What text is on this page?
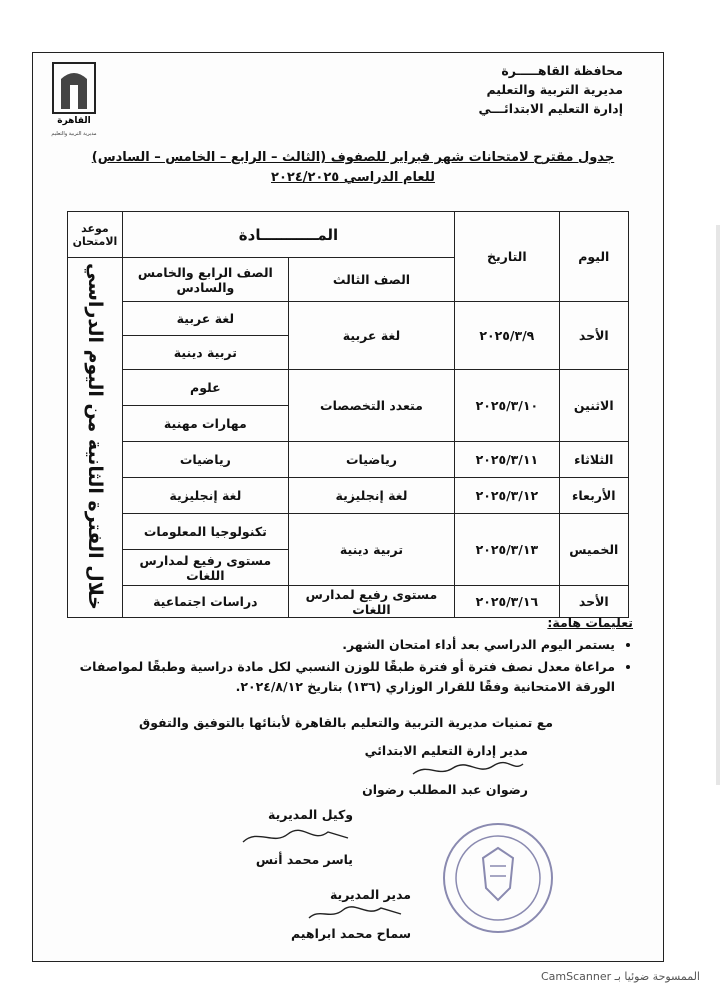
القاهرة
مديرية التربية والتعليم
محافظة القاهـــــرة
مديرية التربية والتعليم
إدارة التعليم الابتدائـــي
جدول مقترح لامتحانات شهر فبراير للصفوف (الثالث – الرابع – الخامس – السادس)
للعام الدراسي ٢٠٢٤/٢٠٢٥
اليوم	التاريخ	المـــــــــــادة		موعد الامتحان
		الصف الثالث	الصف الرابع والخامس والسادس	خلال الفترة الثانية من اليوم الدراسي
الأحد	٢٠٢٥/٣/٩	لغة عربية	لغة عربية	
			تربية دينية	
الاثنين	٢٠٢٥/٣/١٠	متعدد التخصصات	علوم	
			مهارات مهنية	
الثلاثاء	٢٠٢٥/٣/١١	رياضيات	رياضيات	
الأربعاء	٢٠٢٥/٣/١٢	لغة إنجليزية	لغة إنجليزية	
الخميس	٢٠٢٥/٣/١٣	تربية دينية	تكنولوجيا المعلومات	
			مستوى رفيع لمدارس اللغات	
الأحد	٢٠٢٥/٣/١٦	مستوى رفيع لمدارس اللغات	دراسات اجتماعية	
تعليمات هامة:
• يستمر اليوم الدراسي بعد أداء امتحان الشهر.
• مراعاة معدل نصف فترة أو فترة طبقًا للوزن النسبي لكل مادة دراسية وطبقًا لمواصفات الورقة الامتحانية وفقًا للقرار الوزاري (١٣٦) بتاريخ ٢٠٢٤/٨/١٢.
مع تمنيات مديرية التربية والتعليم بالقاهرة لأبنائها بالتوفيق والتفوق
مدير إدارة التعليم الابتدائي
رضوان عبد المطلب رضوان
وكيل المديرية
ياسر محمد أنس
مدير المديرية
سماح محمد ابراهيم
الممسوحة ضوئيا بـ CamScanner
